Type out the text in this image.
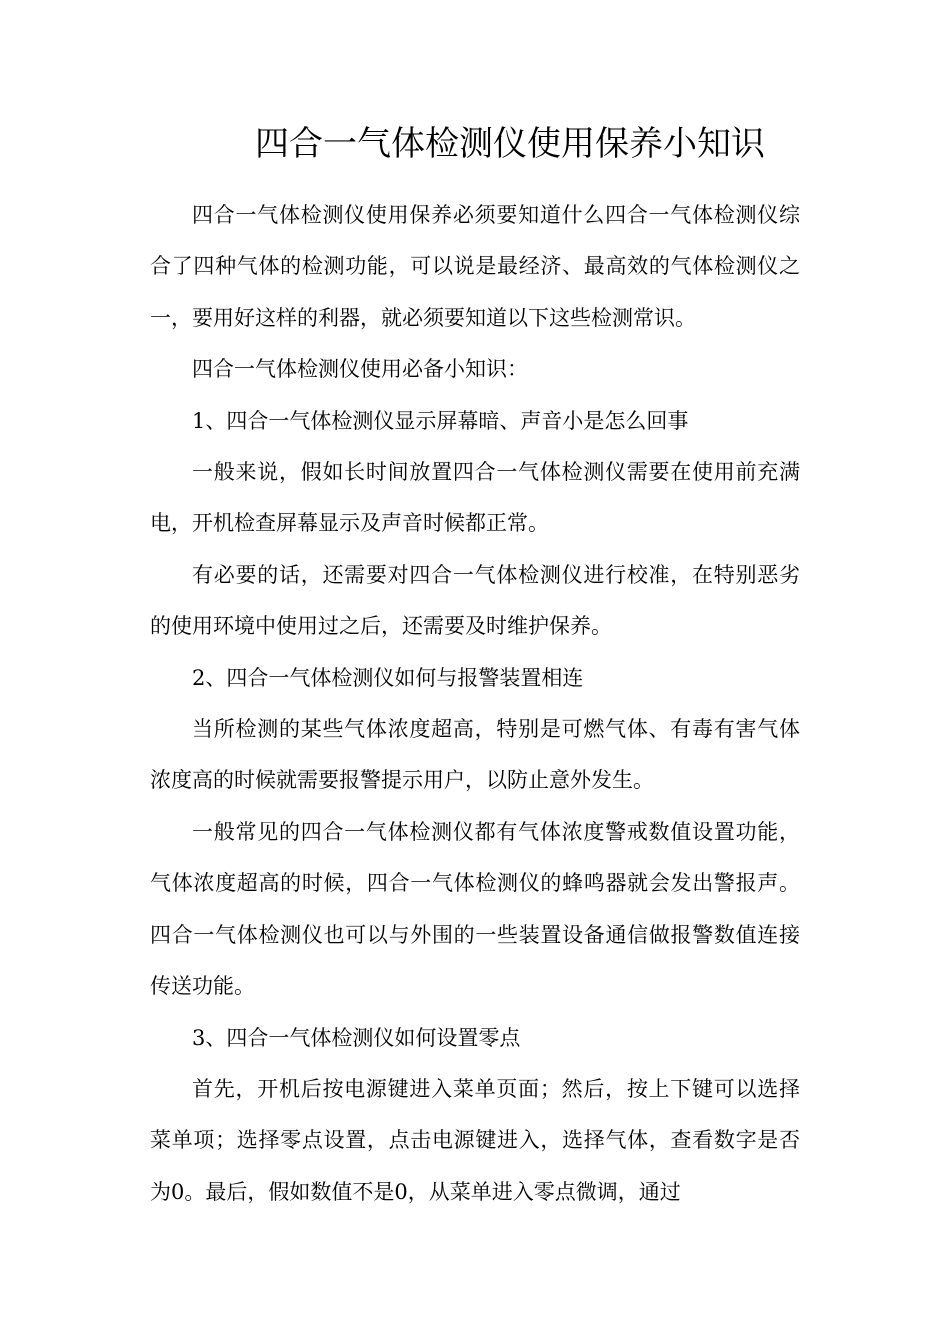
四合一气体检测仪使用保养小知识

四合一气体检测仪使用保养必须要知道什么四合一气体检测仪综合了四种气体的检测功能，可以说是最经济、最高效的气体检测仪之一，要用好这样的利器，就必须要知道以下这些检测常识。

四合一气体检测仪使用必备小知识：

1、四合一气体检测仪显示屏幕暗、声音小是怎么回事

一般来说，假如长时间放置四合一气体检测仪需要在使用前充满电，开机检查屏幕显示及声音时候都正常。

有必要的话，还需要对四合一气体检测仪进行校准，在特别恶劣的使用环境中使用过之后，还需要及时维护保养。

2、四合一气体检测仪如何与报警装置相连

当所检测的某些气体浓度超高，特别是可燃气体、有毒有害气体浓度高的时候就需要报警提示用户，以防止意外发生。

一般常见的四合一气体检测仪都有气体浓度警戒数值设置功能，气体浓度超高的时候，四合一气体检测仪的蜂鸣器就会发出警报声。四合一气体检测仪也可以与外围的一些装置设备通信做报警数值连接传送功能。

3、四合一气体检测仪如何设置零点

首先，开机后按电源键进入菜单页面；然后，按上下键可以选择菜单项；选择零点设置，点击电源键进入，选择气体，查看数字是否为0。最后，假如数值不是0，从菜单进入零点微调，通过
